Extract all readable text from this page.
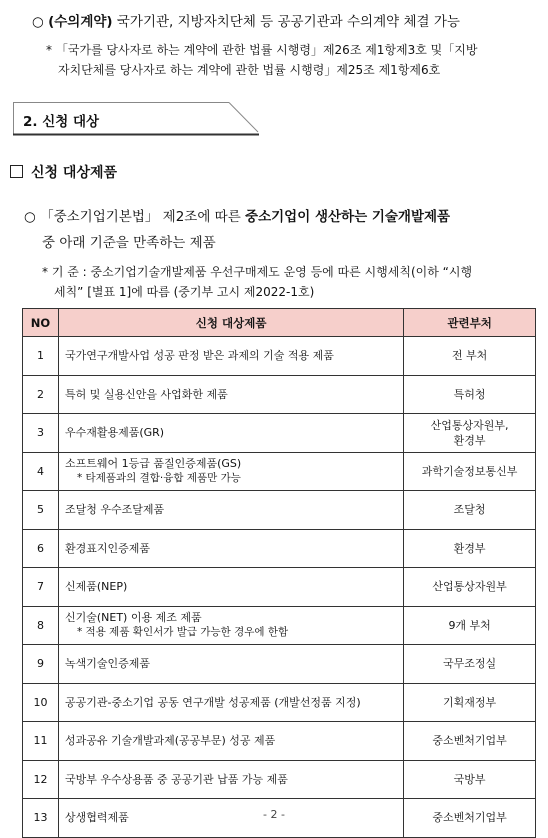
○ (수의계약) 국가기관, 지방자치단체 등 공공기관과 수의계약 체결 가능
* 「국가를 당사자로 하는 계약에 관한 법률 시행령」제26조 제1항제3호 및「지방
자치단체를 당사자로 하는 계약에 관한 법률 시행령」제25조 제1항제6호
2. 신청 대상
신청 대상제품
○ 「중소기업기본법」 제2조에 따른 중소기업이 생산하는 기술개발제품
중 아래 기준을 만족하는 제품
* 기 준 : 중소기업기술개발제품 우선구매제도 운영 등에 따른 시행세칙(이하 “시행
세칙” [별표 1]에 따름 (중기부 고시 제2022-1호)
NO	신청 대상제품	관련부처
1	국가연구개발사업 성공 판정 받은 과제의 기술 적용 제품	전 부처
2	특허 및 실용신안을 사업화한 제품	특허청
3	우수재활용제품(GR)	산업통상자원부,
환경부
4	소프트웨어 1등급 품질인증제품(GS)
* 타제품과의 결합·융합 제품만 가능	과학기술정보통신부
5	조달청 우수조달제품	조달청
6	환경표지인증제품	환경부
7	신제품(NEP)	산업통상자원부
8	신기술(NET) 이용 제조 제품
* 적용 제품 확인서가 발급 가능한 경우에 한함	9개 부처
9	녹색기술인증제품	국무조정실
10	공공기관-중소기업 공동 연구개발 성공제품 (개발선정품 지정)	기획재정부
11	성과공유 기술개발과제(공공부문) 성공 제품	중소벤처기업부
12	국방부 우수상용품 중 공공기관 납품 가능 제품	국방부
13	상생협력제품	중소벤처기업부
- 2 -
